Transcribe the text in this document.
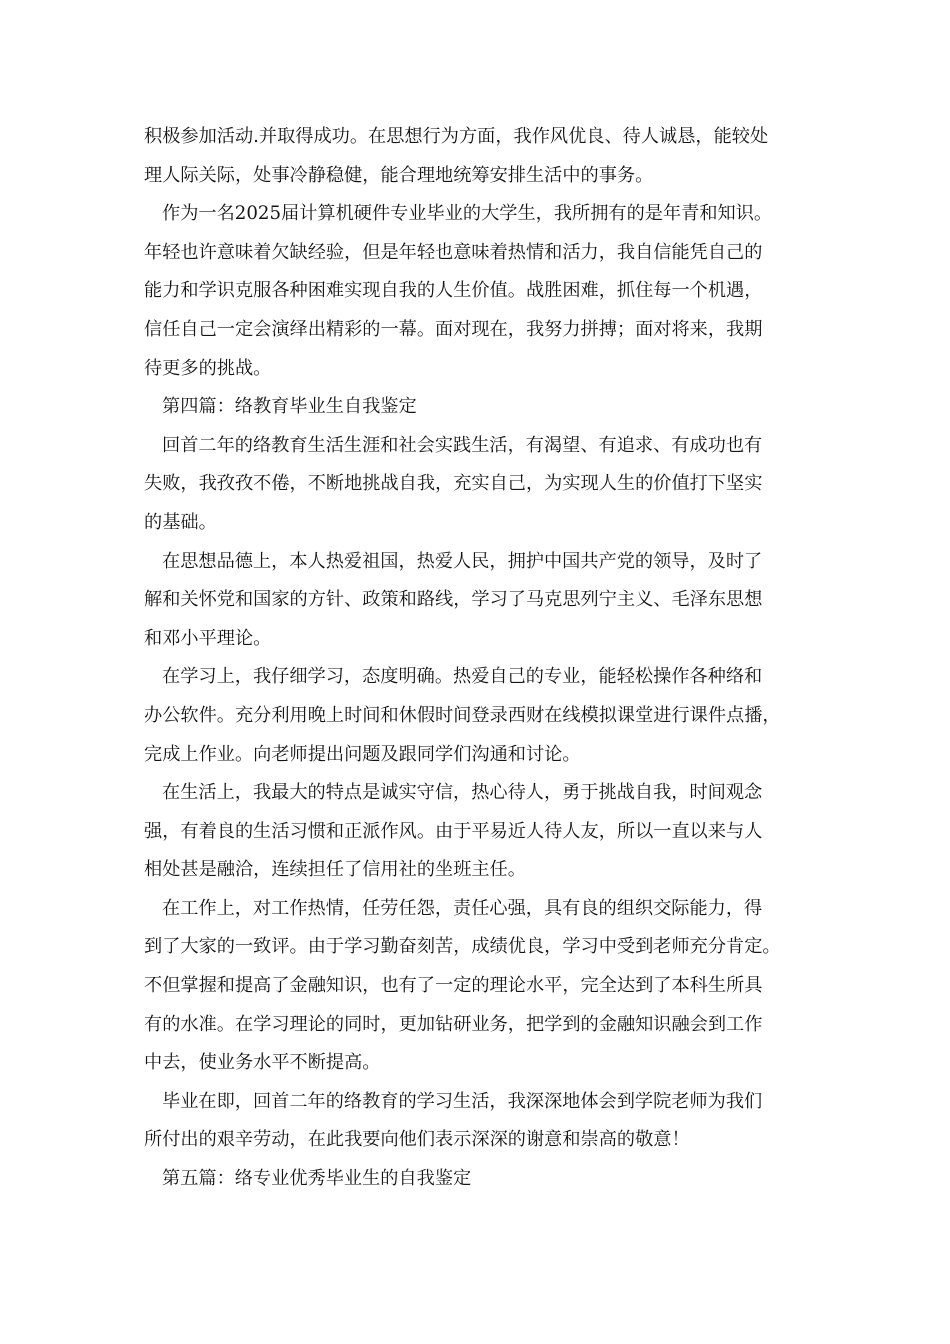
积极参加活动.并取得成功。在思想行为方面，我作风优良、待人诚恳，能较处
理人际关际，处事冷静稳健，能合理地统筹安排生活中的事务。
作为一名2025届计算机硬件专业毕业的大学生，我所拥有的是年青和知识。
年轻也许意味着欠缺经验，但是年轻也意味着热情和活力，我自信能凭自己的
能力和学识克服各种困难实现自我的人生价值。战胜困难，抓住每一个机遇，
信任自己一定会演绎出精彩的一幕。面对现在，我努力拼搏；面对将来，我期
待更多的挑战。
第四篇：络教育毕业生自我鉴定
回首二年的络教育生活生涯和社会实践生活，有渴望、有追求、有成功也有
失败，我孜孜不倦，不断地挑战自我，充实自己，为实现人生的价值打下坚实
的基础。
在思想品德上，本人热爱祖国，热爱人民，拥护中国共产党的领导，及时了
解和关怀党和国家的方针、政策和路线，学习了马克思列宁主义、毛泽东思想
和邓小平理论。
在学习上，我仔细学习，态度明确。热爱自己的专业，能轻松操作各种络和
办公软件。充分利用晚上时间和休假时间登录西财在线模拟课堂进行课件点播，
完成上作业。向老师提出问题及跟同学们沟通和讨论。
在生活上，我最大的特点是诚实守信，热心待人，勇于挑战自我，时间观念
强，有着良的生活习惯和正派作风。由于平易近人待人友，所以一直以来与人
相处甚是融洽，连续担任了信用社的坐班主任。
在工作上，对工作热情，任劳任怨，责任心强，具有良的组织交际能力，得
到了大家的一致评。由于学习勤奋刻苦，成绩优良，学习中受到老师充分肯定。
不但掌握和提高了金融知识，也有了一定的理论水平，完全达到了本科生所具
有的水准。在学习理论的同时，更加钻研业务，把学到的金融知识融会到工作
中去，使业务水平不断提高。
毕业在即，回首二年的络教育的学习生活，我深深地体会到学院老师为我们
所付出的艰辛劳动，在此我要向他们表示深深的谢意和崇高的敬意！
第五篇：络专业优秀毕业生的自我鉴定
